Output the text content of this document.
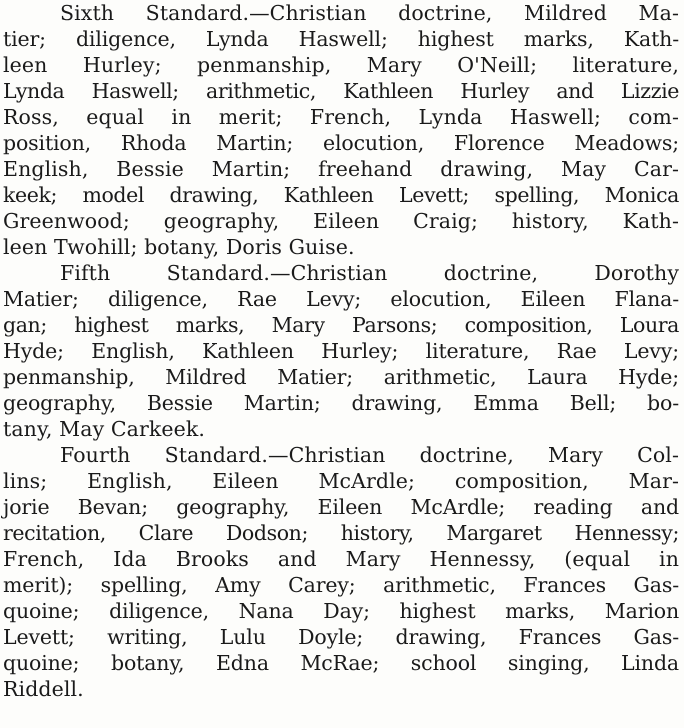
Sixth Standard.—Christian doctrine, Mildred Ma-
tier; diligence, Lynda Haswell; highest marks, Kath-
leen Hurley; penmanship, Mary O'Neill; literature,
Lynda Haswell; arithmetic, Kathleen Hurley and Lizzie
Ross, equal in merit; French, Lynda Haswell; com-
position, Rhoda Martin; elocution, Florence Meadows;
English, Bessie Martin; freehand drawing, May Car-
keek; model drawing, Kathleen Levett; spelling, Monica
Greenwood; geography, Eileen Craig; history, Kath-
leen Twohill; botany, Doris Guise.
Fifth Standard.—Christian doctrine, Dorothy
Matier; diligence, Rae Levy; elocution, Eileen Flana-
gan; highest marks, Mary Parsons; composition, Loura
Hyde; English, Kathleen Hurley; literature, Rae Levy;
penmanship, Mildred Matier; arithmetic, Laura Hyde;
geography, Bessie Martin; drawing, Emma Bell; bo-
tany, May Carkeek.
Fourth Standard.—Christian doctrine, Mary Col-
lins; English, Eileen McArdle; composition, Mar-
jorie Bevan; geography, Eileen McArdle; reading and
recitation, Clare Dodson; history, Margaret Hennessy;
French, Ida Brooks and Mary Hennessy, (equal in
merit); spelling, Amy Carey; arithmetic, Frances Gas-
quoine; diligence, Nana Day; highest marks, Marion
Levett; writing, Lulu Doyle; drawing, Frances Gas-
quoine; botany, Edna McRae; school singing, Linda
Riddell.
